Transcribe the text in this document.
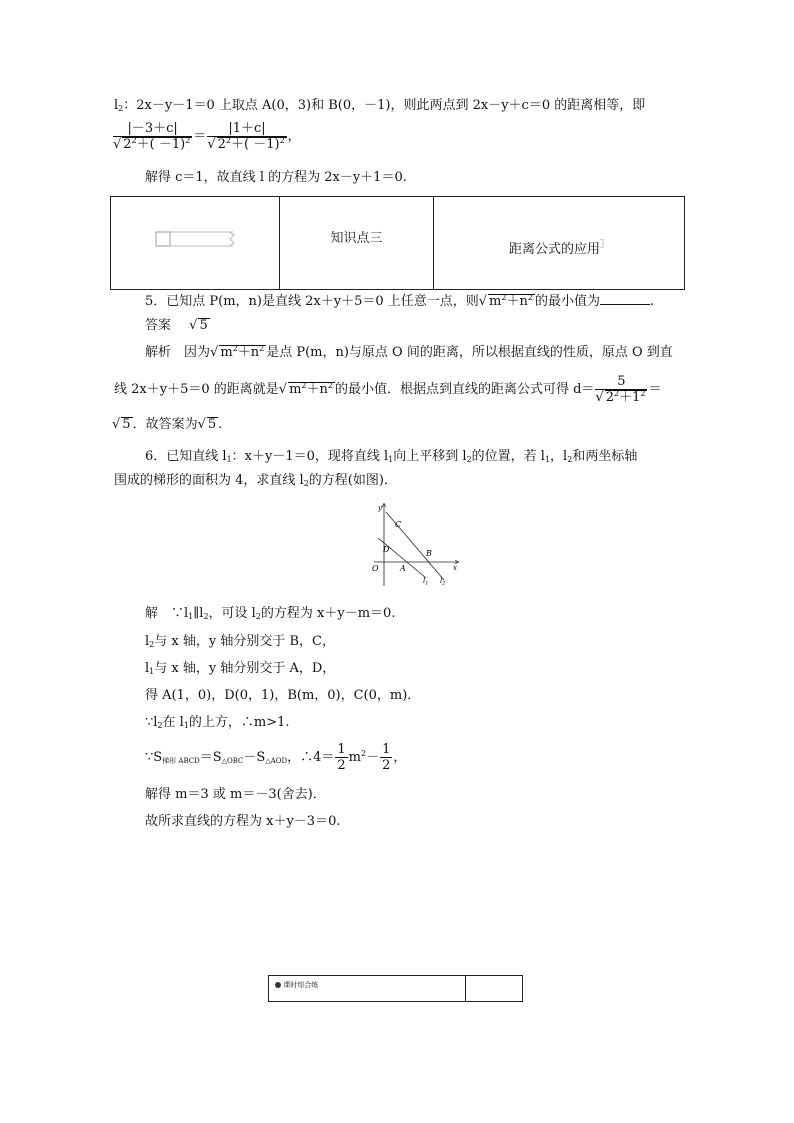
$l_2$：2x－y－1＝0 上取点 A(0，3)和 B(0，－1)，则此两点到 2x－y＋c＝0 的距离相等，即
$\frac{|-3+c|}{√ 2^2+( -1)^2} = \frac{|1+c|}{√ 2^2+( -1)^2}$ ，
解得 c＝1，故直线 l 的方程为 2x－y＋1＝0.
	知识点三	距离公式的应用〗
5．已知点 P(m，n)是直线 2x＋y＋5＝0 上任意一点，则√ $m^2+n^2$ 的最小值为	.
答案 √ 5
解析　因为√ $m^2+n^2$ 是点 P(m，n)与原点 O 间的距离，所以根据直线的性质，原点 O 到直
线 2x＋y＋5＝0 的距离就是√ $m^2+n^2$ 的最小值．根据点到直线的距离公式可得 $d= \frac{5}{√ 2^2+1^2}$ ＝
√ 5 ．故答案为√ 5 .
6．已知直线 $l_1$：x＋y－1＝0，现将直线 $l_1$向上平移到 $l_2$的位置，若 $l_1$，$l_2$和两坐标轴
围成的梯形的面积为 4，求直线 $l_2$的方程(如图)．
y
x
O	A
B
C
D
$l_1$ $l_2$
解　$\because l_1\parallel l_2$，可设 $l_2$的方程为 x＋y－m＝0.
$l_2$与 x 轴，y 轴分别交于 B，C，
$l_1$与 x 轴，y 轴分别交于 A，D，
得 A(1，0)，D(0，1)，B(m，0)，C(0，m)．
$\because l_2$在 $l_1$的上方，∴m>1.
$\because S_{梯形 ABCD}=S_{\triangle OBC}-S_{\triangle AOD}$，∴4＝ $\frac{1}{2} m^2- \frac{1}{2}$ ，
解得 m＝3 或 m＝－3(舍去)．
故所求直线的方程为 x＋y－3＝0.
课时综合练
